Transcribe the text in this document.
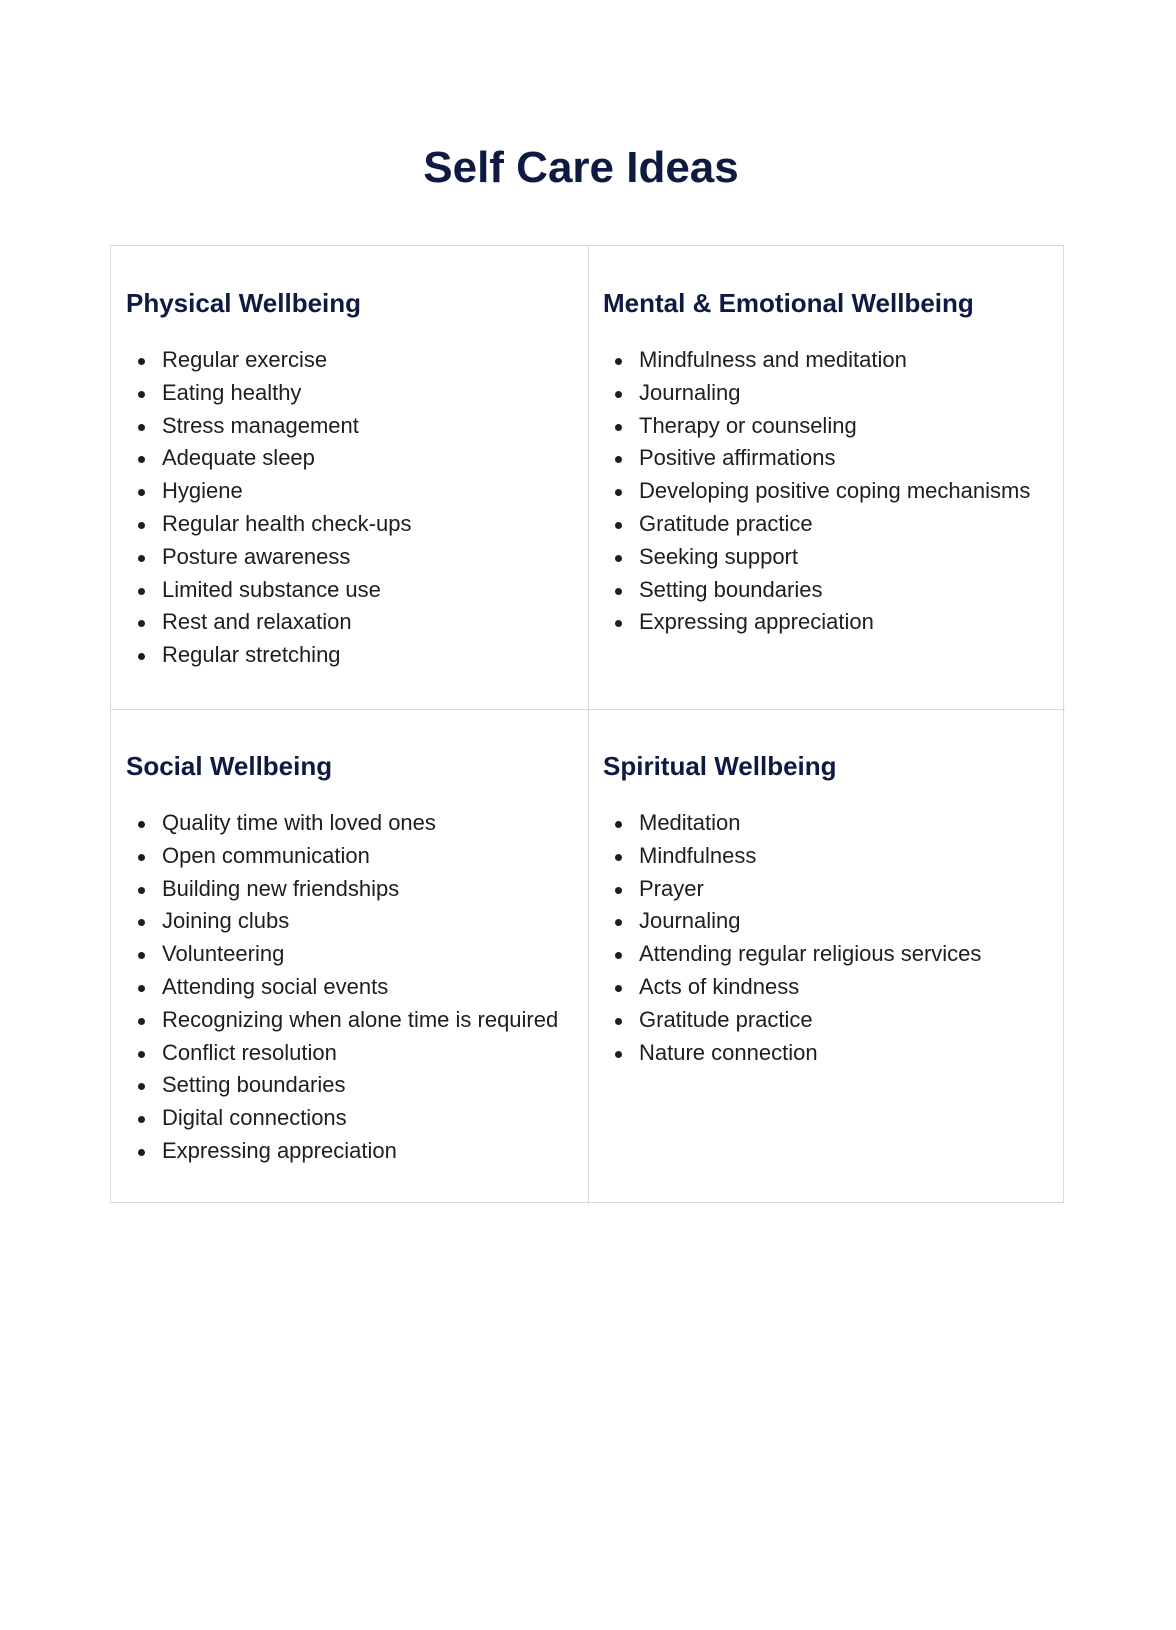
Self Care Ideas
Physical Wellbeing
Regular exercise
Eating healthy
Stress management
Adequate sleep
Hygiene
Regular health check-ups
Posture awareness
Limited substance use
Rest and relaxation
Regular stretching
Mental & Emotional Wellbeing
Mindfulness and meditation
Journaling
Therapy or counseling
Positive affirmations
Developing positive coping mechanisms
Gratitude practice
Seeking support
Setting boundaries
Expressing appreciation
Social Wellbeing
Quality time with loved ones
Open communication
Building new friendships
Joining clubs
Volunteering
Attending social events
Recognizing when alone time is required
Conflict resolution
Setting boundaries
Digital connections
Expressing appreciation
Spiritual Wellbeing
Meditation
Mindfulness
Prayer
Journaling
Attending regular religious services
Acts of kindness
Gratitude practice
Nature connection
